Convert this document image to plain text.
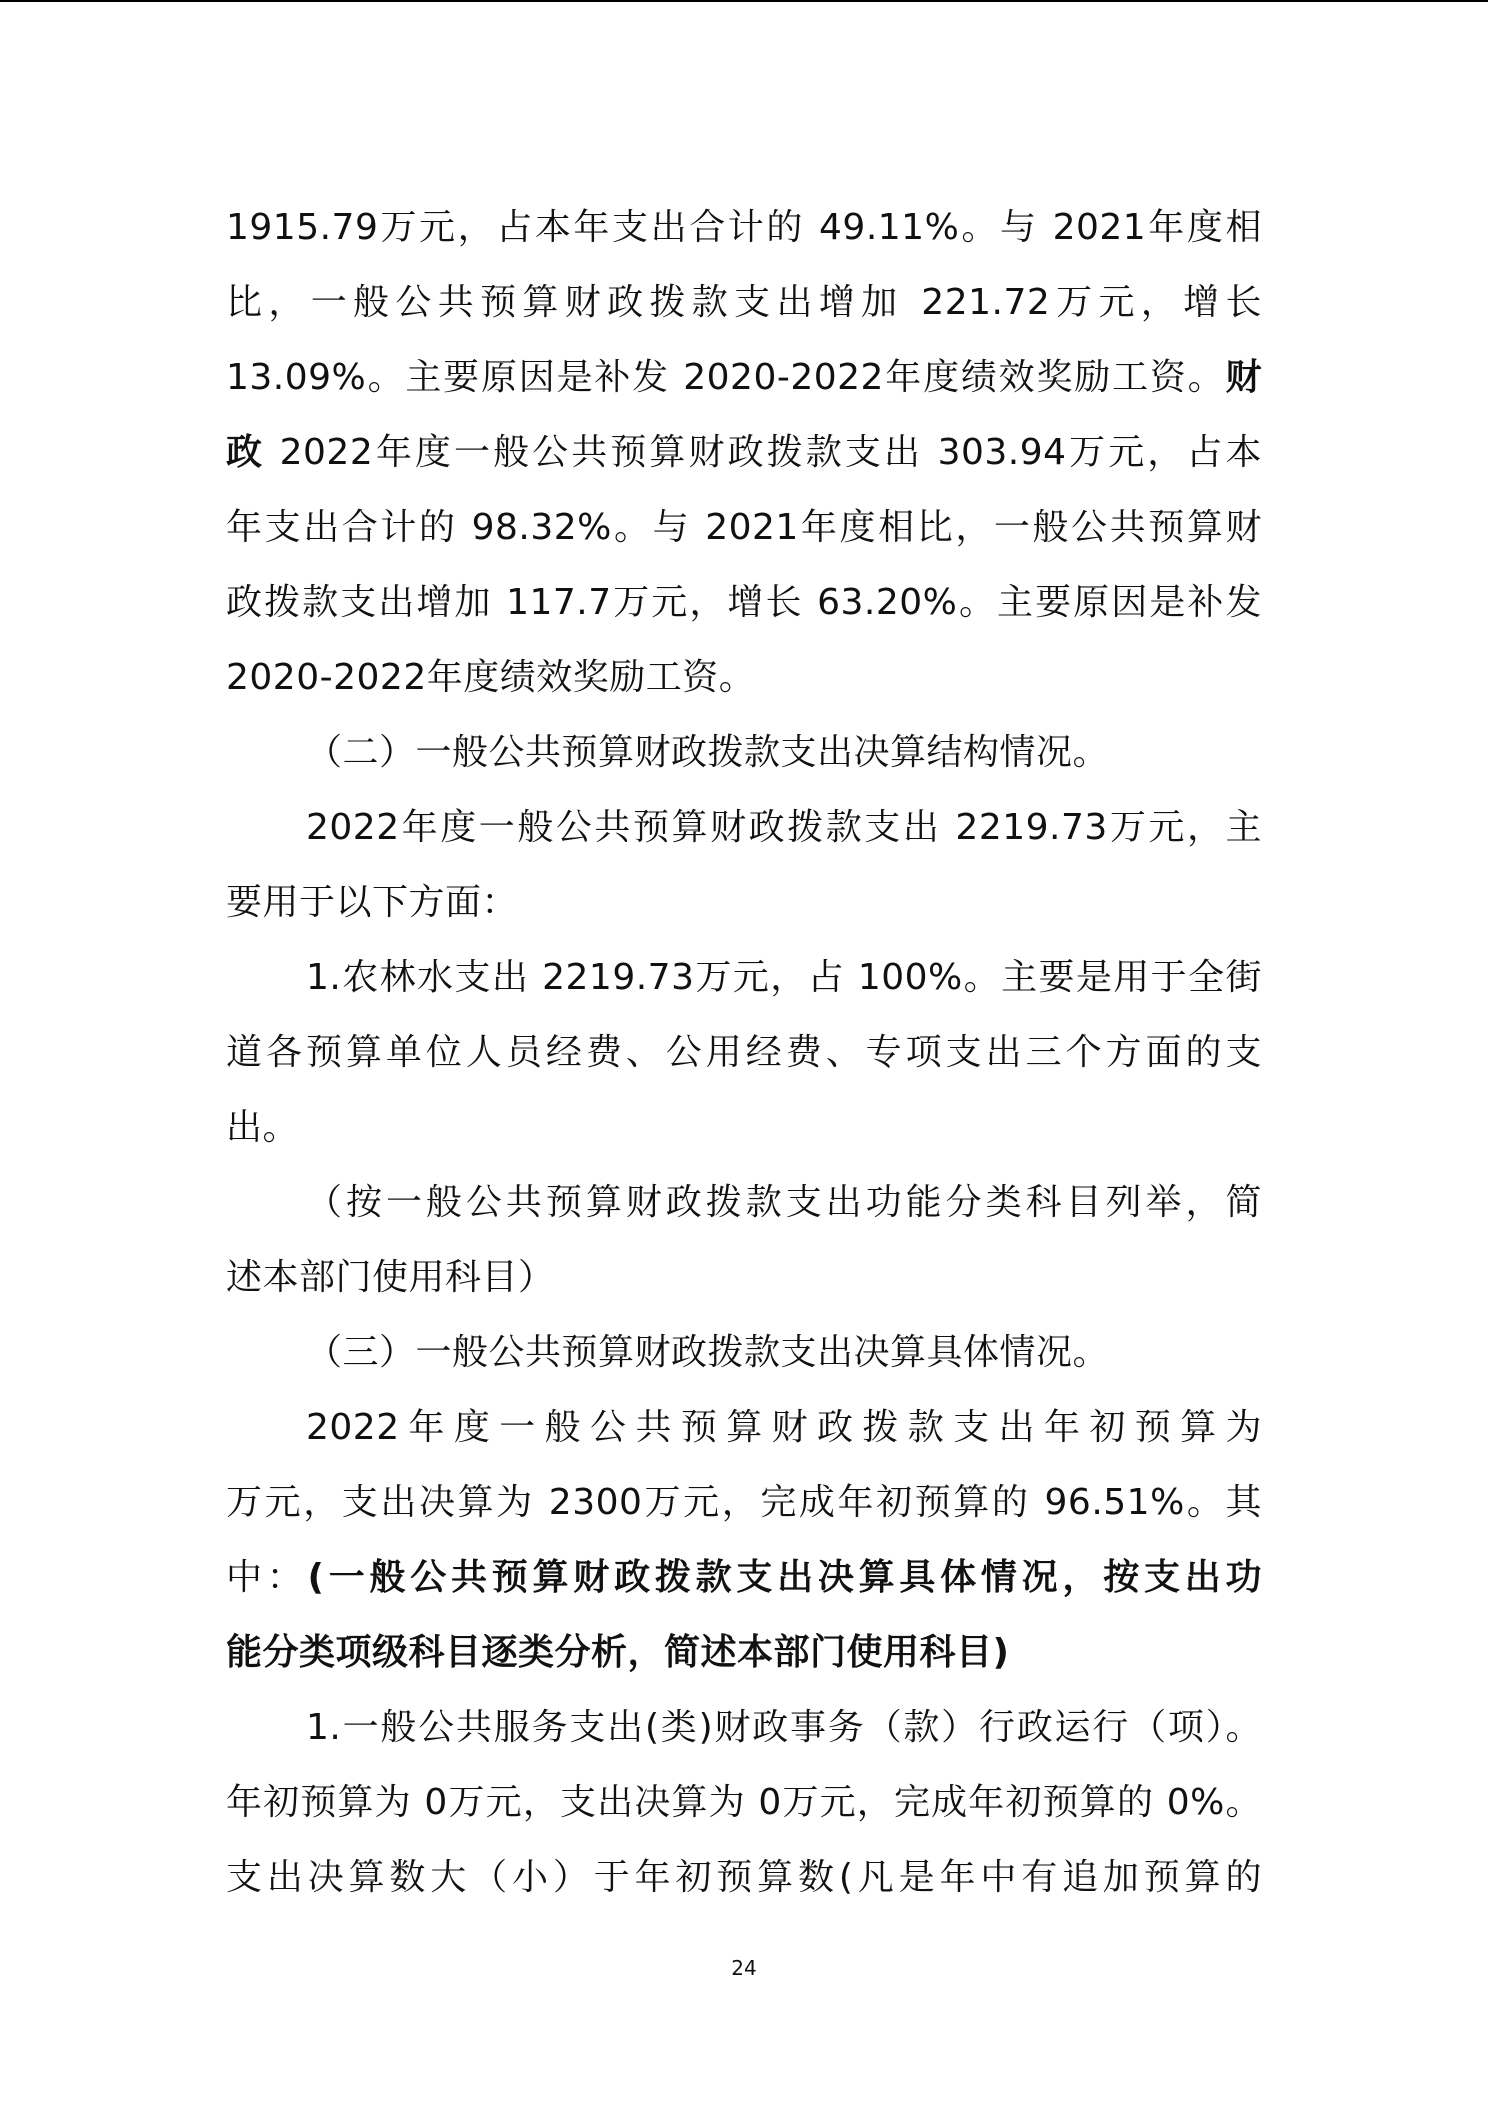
1915.79万元，占本年支出合计的 49.11%。与 2021年度相
比，一般公共预算财政拨款支出增加 221.72万元，增长
13.09%。主要原因是补发 2020-2022年度绩效奖励工资。财
政 2022年度一般公共预算财政拨款支出 303.94万元，占本
年支出合计的 98.32%。与 2021年度相比，一般公共预算财
政拨款支出增加 117.7万元，增长 63.20%。主要原因是补发
2020-2022年度绩效奖励工资。
（二）一般公共预算财政拨款支出决算结构情况。
2022年度一般公共预算财政拨款支出 2219.73万元，主
要用于以下方面：
1.农林水支出 2219.73万元，占 100%。主要是用于全街
道各预算单位人员经费、公用经费、专项支出三个方面的支
出。
（按一般公共预算财政拨款支出功能分类科目列举，简
述本部门使用科目）
（三）一般公共预算财政拨款支出决算具体情况。
2022年度一般公共预算财政拨款支出年初预算为
万元，支出决算为 2300万元，完成年初预算的 96.51%。其
中：(一般公共预算财政拨款支出决算具体情况，按支出功
能分类项级科目逐类分析，简述本部门使用科目)
1.一般公共服务支出(类)财政事务（款）行政运行（项）。
年初预算为 0万元，支出决算为 0万元，完成年初预算的 0%。
支出决算数大（小）于年初预算数(凡是年中有追加预算的
24
